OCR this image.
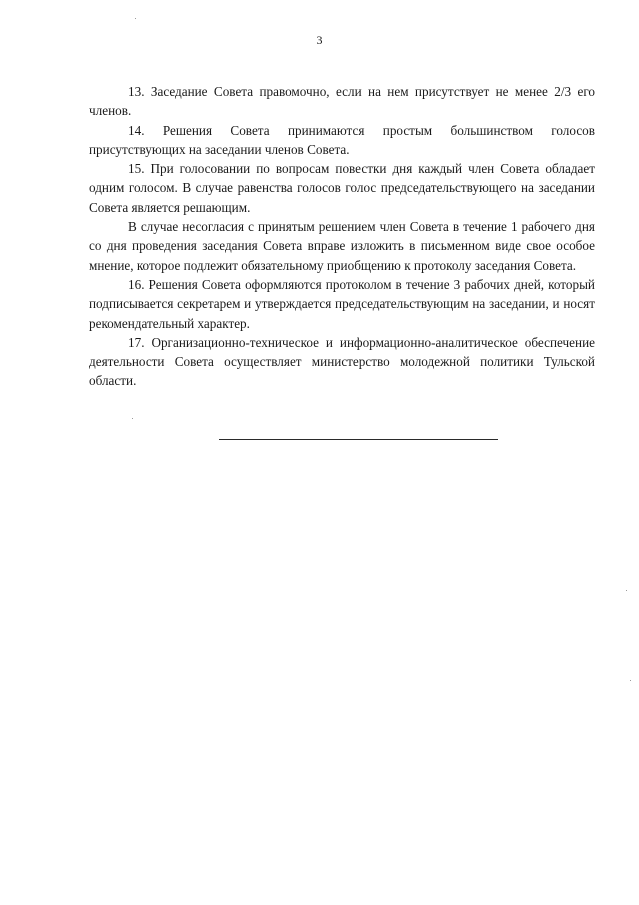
3

13. Заседание Совета правомочно, если на нем присутствует не менее 2/3 его членов.

14. Решения Совета принимаются простым большинством голосов присутствующих на заседании членов Совета.

15. При голосовании по вопросам повестки дня каждый член Совета обладает одним голосом. В случае равенства голосов голос председательствующего на заседании Совета является решающим.

В случае несогласия с принятым решением член Совета в течение 1 рабочего дня со дня проведения заседания Совета вправе изложить в письменном виде свое особое мнение, которое подлежит обязательному приобщению к протоколу заседания Совета.

16. Решения Совета оформляются протоколом в течение 3 рабочих дней, который подписывается секретарем и утверждается председательствующим на заседании, и носят рекомендательный характер.

17. Организационно-техническое и информационно-аналитическое обеспечение деятельности Совета осуществляет министерство молодежной политики Тульской области.
